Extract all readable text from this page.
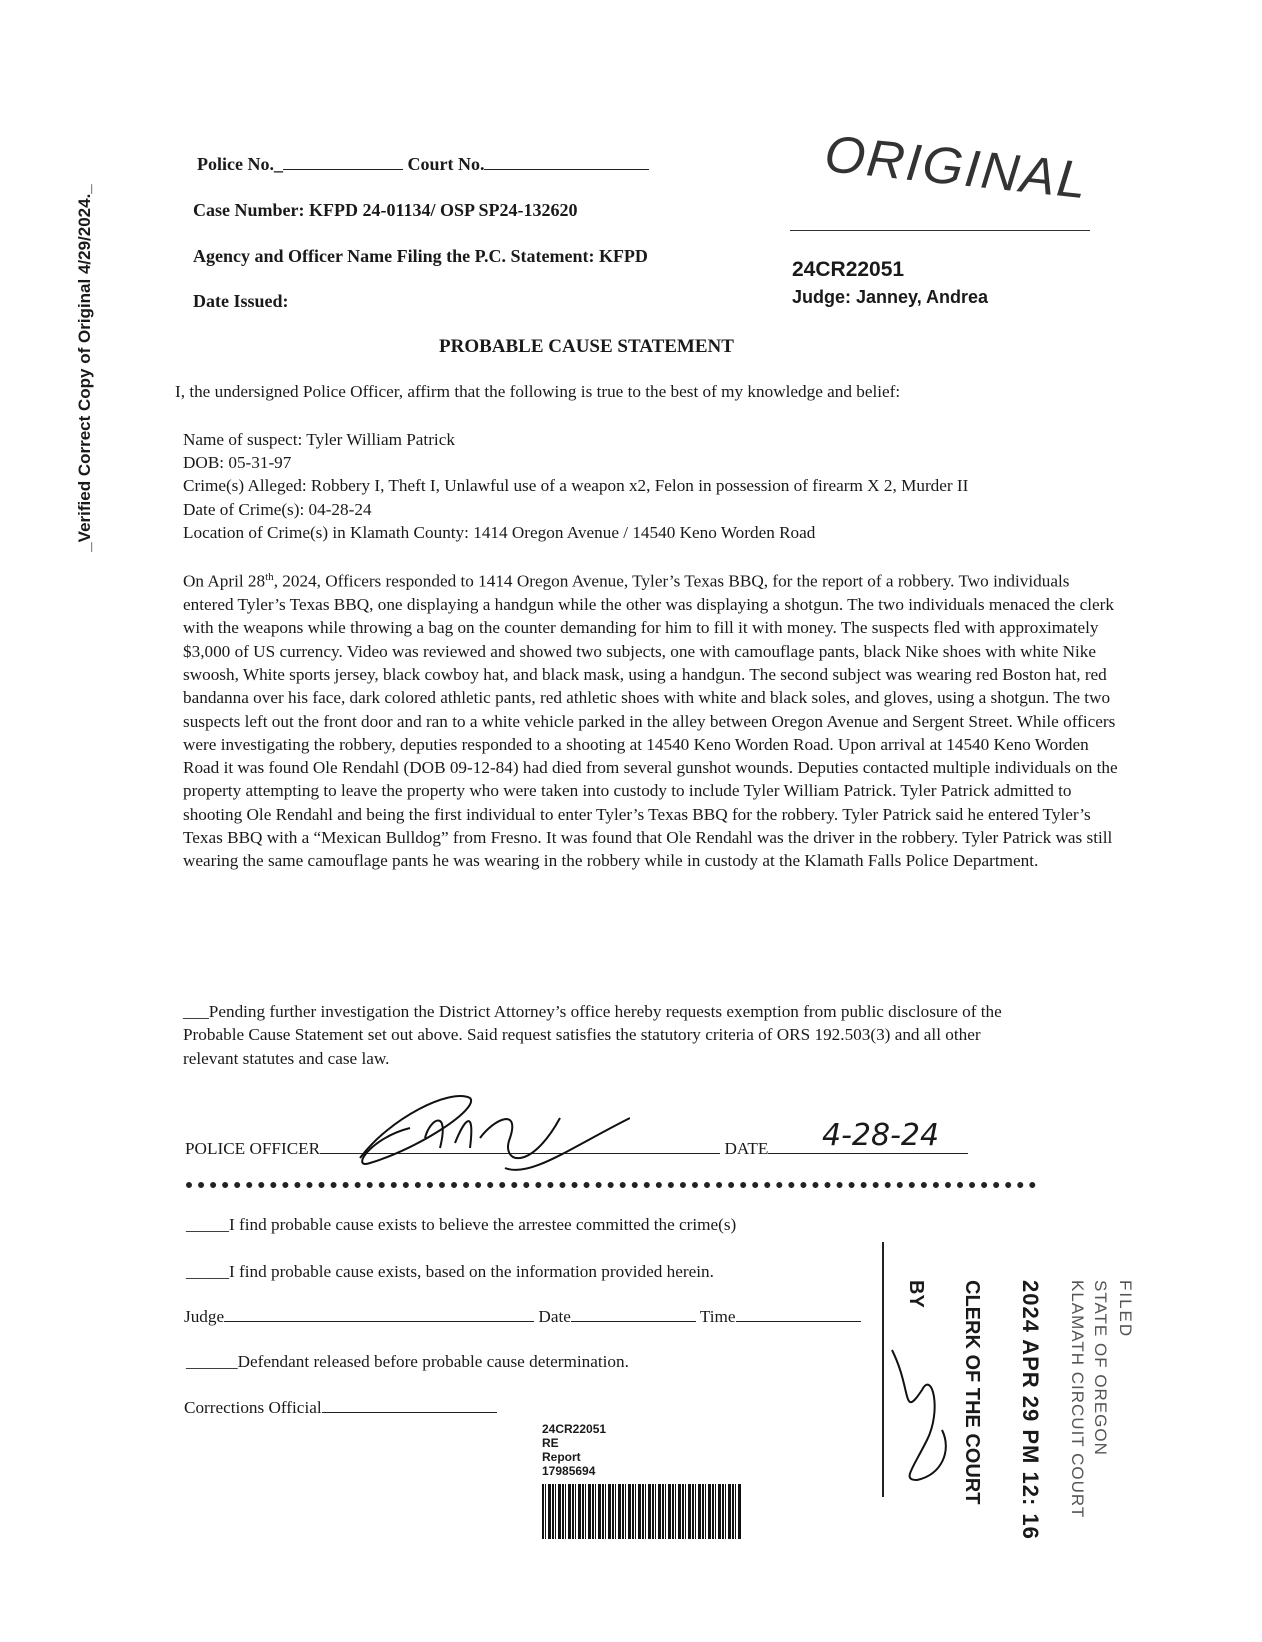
_Verified Correct Copy of Original 4/29/2024._
Police No._	Court No.
Case Number: KFPD 24-01134/ OSP SP24-132620
Agency and Officer Name Filing the P.C. Statement: KFPD
Date Issued:
ORIGINAL
24CR22051
Judge: Janney, Andrea
PROBABLE CAUSE STATEMENT
I, the undersigned Police Officer, affirm that the following is true to the best of my knowledge and belief:
Name of suspect: Tyler William Patrick
DOB: 05-31-97
Crime(s) Alleged: Robbery I, Theft I, Unlawful use of a weapon x2, Felon in possession of firearm X 2, Murder II
Date of Crime(s): 04-28-24
Location of Crime(s) in Klamath County: 1414 Oregon Avenue / 14540 Keno Worden Road
On April 28th, 2024, Officers responded to 1414 Oregon Avenue, Tyler’s Texas BBQ, for the report of a robbery. Two individuals entered Tyler’s Texas BBQ, one displaying a handgun while the other was displaying a shotgun. The two individuals menaced the clerk with the weapons while throwing a bag on the counter demanding for him to fill it with money. The suspects fled with approximately $3,000 of US currency. Video was reviewed and showed two subjects, one with camouflage pants, black Nike shoes with white Nike swoosh, White sports jersey, black cowboy hat, and black mask, using a handgun. The second subject was wearing red Boston hat, red bandanna over his face, dark colored athletic pants, red athletic shoes with white and black soles, and gloves, using a shotgun. The two suspects left out the front door and ran to a white vehicle parked in the alley between Oregon Avenue and Sergent Street. While officers were investigating the robbery, deputies responded to a shooting at 14540 Keno Worden Road. Upon arrival at 14540 Keno Worden Road it was found Ole Rendahl (DOB 09-12-84) had died from several gunshot wounds. Deputies contacted multiple individuals on the property attempting to leave the property who were taken into custody to include Tyler William Patrick. Tyler Patrick admitted to shooting Ole Rendahl and being the first individual to enter Tyler’s Texas BBQ for the robbery. Tyler Patrick said he entered Tyler’s Texas BBQ with a “Mexican Bulldog” from Fresno. It was found that Ole Rendahl was the driver in the robbery. Tyler Patrick was still wearing the same camouflage pants he was wearing in the robbery while in custody at the Klamath Falls Police Department.
___Pending further investigation the District Attorney’s office hereby requests exemption from public disclosure of the Probable Cause Statement set out above. Said request satisfies the statutory criteria of ORS 192.503(3) and all other relevant statutes and case law.
POLICE OFFICER	DATE	4-28-24
_____I find probable cause exists to believe the arrestee committed the crime(s)
_____I find probable cause exists, based on the information provided herein.
Judge	Date	Time
______Defendant released before probable cause determination.
Corrections Official
24CR22051
RE
Report
17985694
FILED
STATE OF OREGON
KLAMATH CIRCUIT COURT
2024 APR 29 PM 12: 16
CLERK OF THE COURT
BY
